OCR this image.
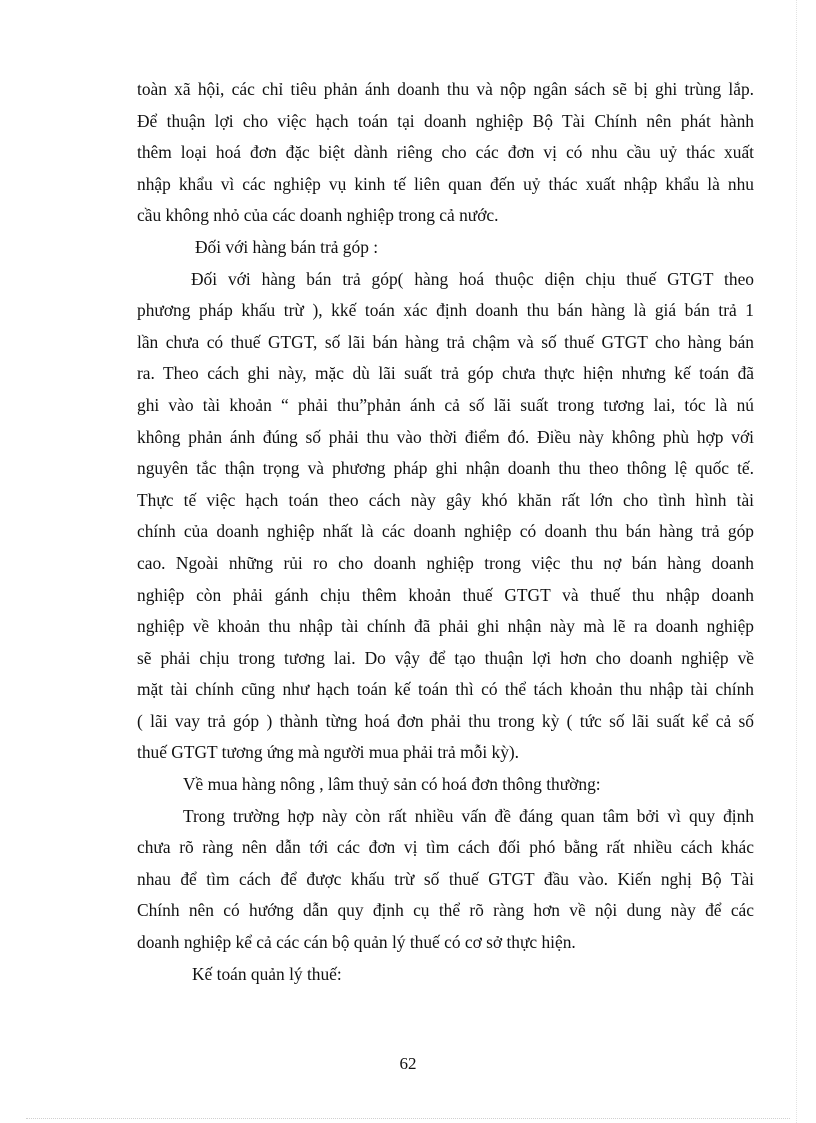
toàn xã hội, các chỉ tiêu phản ánh doanh thu và nộp ngân sách sẽ bị ghi trùng lắp.
Để thuận lợi cho việc hạch toán tại doanh nghiệp Bộ Tài Chính nên phát hành
thêm loại hoá đơn đặc biệt dành riêng cho các đơn vị có nhu cầu uỷ thác xuất
nhập khẩu vì các nghiệp vụ kinh tế liên quan đến uỷ thác xuất nhập khẩu là nhu
cầu không nhỏ của các doanh nghiệp trong cả nước.

Đối với hàng bán trả góp :

Đối với hàng bán trả góp( hàng hoá thuộc diện chịu thuế GTGT theo
phương pháp khấu trừ ), kkế toán xác định doanh thu bán hàng là giá bán trả 1
lần chưa có thuế GTGT, số lãi bán hàng trả chậm và số thuế GTGT cho hàng bán
ra. Theo cách ghi này, mặc dù lãi suất trả góp chưa thực hiện nhưng kế toán đã
ghi vào tài khoản “ phải thu”phản ánh cả số lãi suất trong tương lai, tóc là nú
không phản ánh đúng số phải thu vào thời điểm đó. Điều này không phù hợp với
nguyên tắc thận trọng và phương pháp ghi nhận doanh thu theo thông lệ quốc tế.
Thực tế việc hạch toán theo cách này gây khó khăn rất lớn cho tình hình tài
chính của doanh nghiệp nhất là các doanh nghiệp có doanh thu bán hàng trả góp
cao. Ngoài những rủi ro cho doanh nghiệp trong việc thu nợ bán hàng doanh
nghiệp còn phải gánh chịu thêm khoản thuế GTGT và thuế thu nhập doanh
nghiệp về khoản thu nhập tài chính đã phải ghi nhận này mà lẽ ra doanh nghiệp
sẽ phải chịu trong tương lai. Do vậy để tạo thuận lợi hơn cho doanh nghiệp về
mặt tài chính cũng như hạch toán kế toán thì có thể tách khoản thu nhập tài chính
( lãi vay trả góp ) thành từng hoá đơn phải thu trong kỳ ( tức số lãi suất kể cả số
thuế GTGT tương ứng mà người mua phải trả mỗi kỳ).

Về mua hàng nông , lâm thuỷ sản có hoá đơn thông thường:

Trong trường hợp này còn rất nhiều vấn đề đáng quan tâm bởi vì quy định
chưa rõ ràng nên dẫn tới các đơn vị tìm cách đối phó bằng rất nhiều cách khác
nhau để tìm cách để được khấu trừ số thuế GTGT đầu vào. Kiến nghị Bộ Tài
Chính nên có hướng dẫn quy định cụ thể rõ ràng hơn về nội dung này để các
doanh nghiệp kể cả các cán bộ quản lý thuế có cơ sở thực hiện.

Kế toán quản lý thuế:

62
